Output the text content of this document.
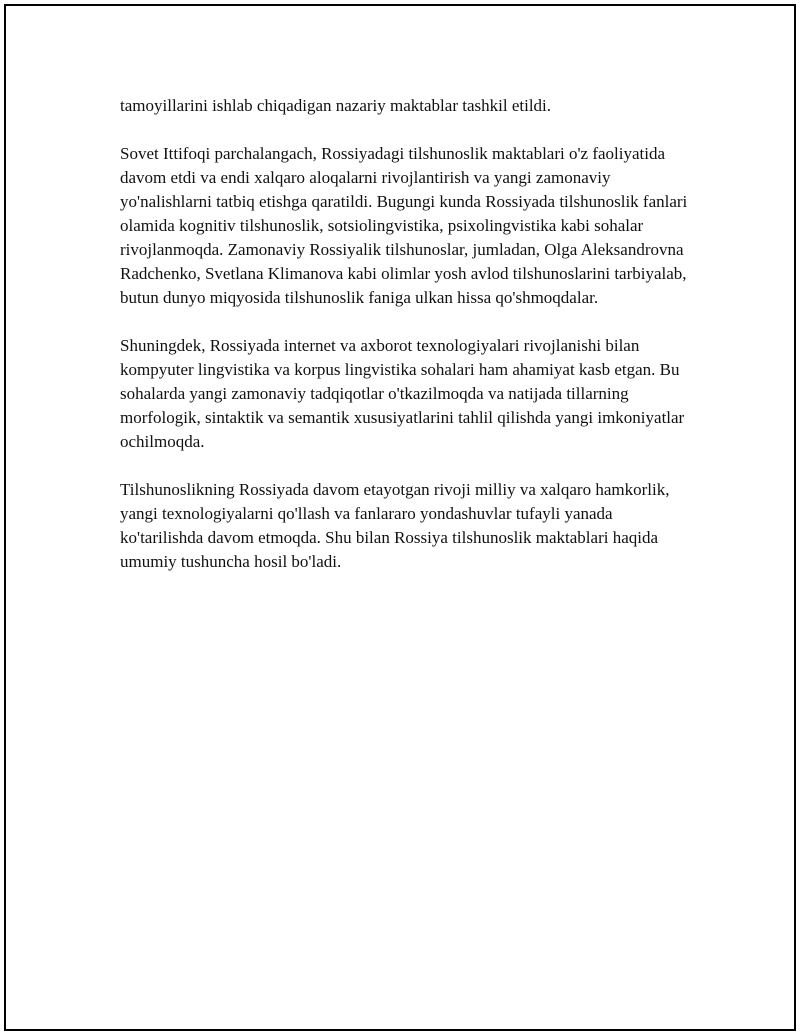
tamoyillarini ishlab chiqadigan nazariy maktablar tashkil etildi.

Sovet Ittifoqi parchalangach, Rossiyadagi tilshunoslik maktablari o'z faoliyatida davom etdi va endi xalqaro aloqalarni rivojlantirish va yangi zamonaviy yo'nalishlarni tatbiq etishga qaratildi. Bugungi kunda Rossiyada tilshunoslik fanlari olamida kognitiv tilshunoslik, sotsiolingvistika, psixolingvistika kabi sohalar rivojlanmoqda. Zamonaviy Rossiyalik tilshunoslar, jumladan, Olga Aleksandrovna Radchenko, Svetlana Klimanova kabi olimlar yosh avlod tilshunoslarini tarbiyalab, butun dunyo miqyosida tilshunoslik faniga ulkan hissa qo'shmoqdalar.

Shuningdek, Rossiyada internet va axborot texnologiyalari rivojlanishi bilan kompyuter lingvistika va korpus lingvistika sohalari ham ahamiyat kasb etgan. Bu sohalarda yangi zamonaviy tadqiqotlar o'tkazilmoqda va natijada tillarning morfologik, sintaktik va semantik xususiyatlarini tahlil qilishda yangi imkoniyatlar ochilmoqda.

Tilshunoslikning Rossiyada davom etayotgan rivoji milliy va xalqaro hamkorlik, yangi texnologiyalarni qo'llash va fanlararo yondashuvlar tufayli yanada ko'tarilishda davom etmoqda. Shu bilan Rossiya tilshunoslik maktablari haqida umumiy tushuncha hosil bo'ladi.
